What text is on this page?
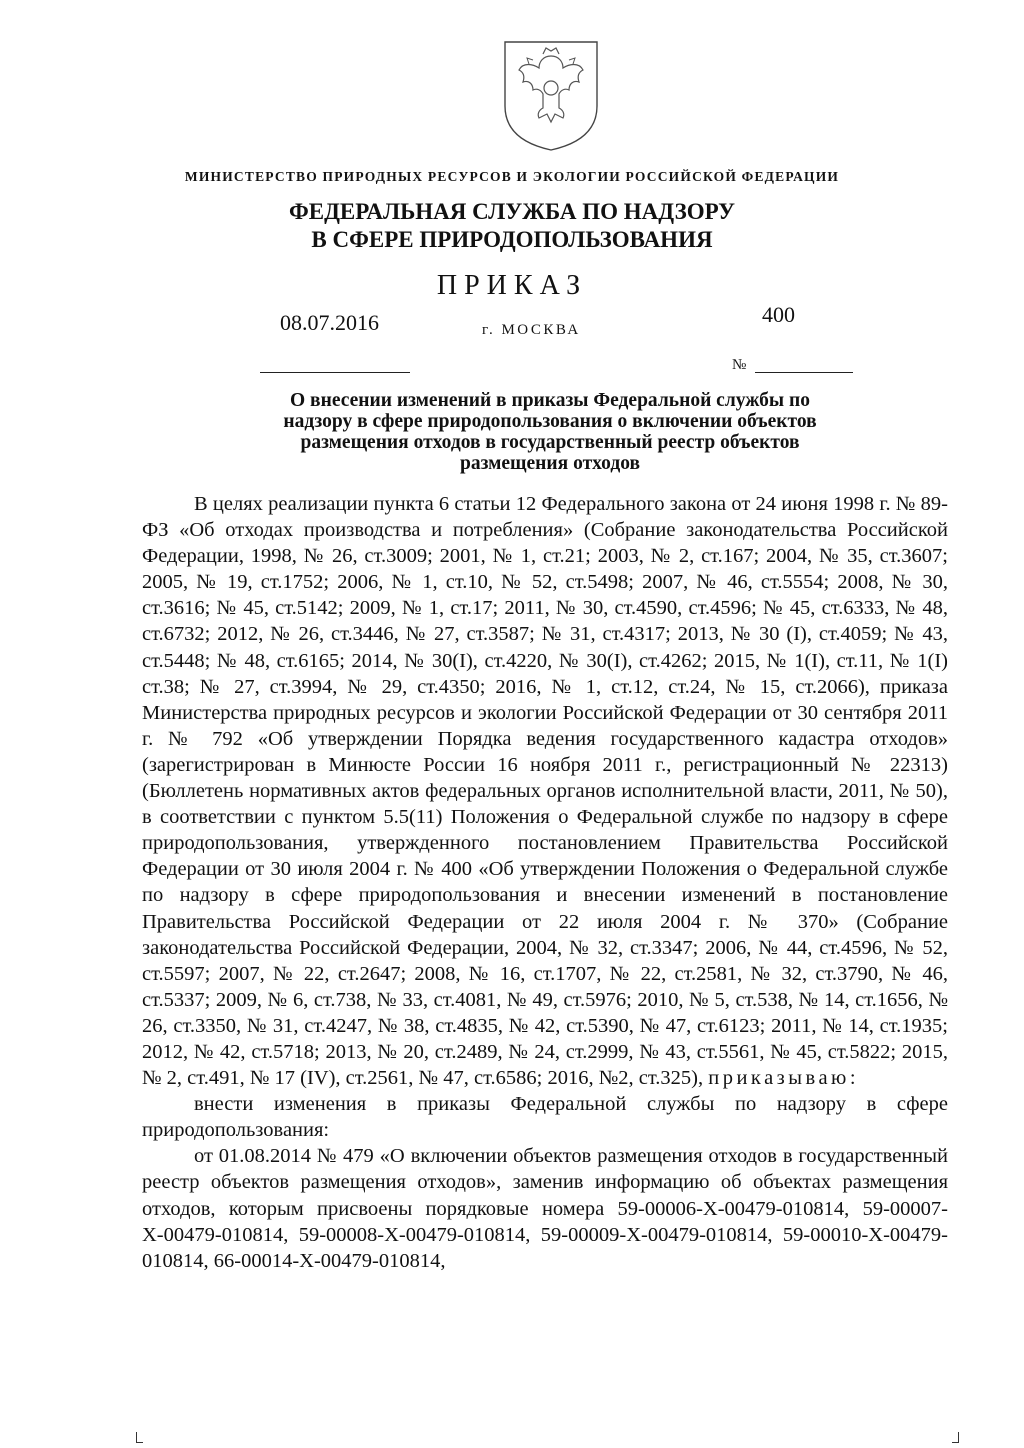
МИНИСТЕРСТВО ПРИРОДНЫХ РЕСУРСОВ И ЭКОЛОГИИ РОССИЙСКОЙ ФЕДЕРАЦИИ
ФЕДЕРАЛЬНАЯ СЛУЖБА ПО НАДЗОРУ
В СФЕРЕ ПРИРОДОПОЛЬЗОВАНИЯ
ПРИКАЗ
08.07.2016	г. МОСКВА
400
№
О внесении изменений в приказы Федеральной службы по
надзору в сфере природопользования о включении объектов
размещения отходов в государственный реестр объектов
размещения отходов

В целях реализации пункта 6 статьи 12 Федерального закона от 24 июня 1998 г. № 89-ФЗ «Об отходах производства и потребления» (Собрание законодательства Российской Федерации, 1998, № 26, ст.3009; 2001, № 1, ст.21; 2003, № 2, ст.167; 2004, № 35, ст.3607; 2005, № 19, ст.1752; 2006, № 1, ст.10, № 52, ст.5498; 2007, № 46, ст.5554; 2008, № 30, ст.3616; № 45, ст.5142; 2009, № 1, ст.17; 2011, № 30, ст.4590, ст.4596; № 45, ст.6333, № 48, ст.6732; 2012, № 26, ст.3446, № 27, ст.3587; № 31, ст.4317; 2013, № 30 (I), ст.4059; № 43, ст.5448; № 48, ст.6165; 2014, № 30(I), ст.4220, № 30(I), ст.4262; 2015, № 1(I), ст.11, № 1(I) ст.38; № 27, ст.3994, № 29, ст.4350; 2016, № 1, ст.12, ст.24, № 15, ст.2066), приказа Министерства природных ресурсов и экологии Российской Федерации от 30 сентября 2011 г. № 792 «Об утверждении Порядка ведения государственного кадастра отходов» (зарегистрирован в Минюсте России 16 ноября 2011 г., регистрационный № 22313) (Бюллетень нормативных актов федеральных органов исполнительной власти, 2011, № 50), в соответствии с пунктом 5.5(11) Положения о Федеральной службе по надзору в сфере природопользования, утвержденного постановлением Правительства Российской Федерации от 30 июля 2004 г. № 400 «Об утверждении Положения о Федеральной службе по надзору в сфере природопользования и внесении изменений в постановление Правительства Российской Федерации от 22 июля 2004 г. № 370» (Собрание законодательства Российской Федерации, 2004, № 32, ст.3347; 2006, № 44, ст.4596, № 52, ст.5597; 2007, № 22, ст.2647; 2008, № 16, ст.1707, № 22, ст.2581, № 32, ст.3790, № 46, ст.5337; 2009, № 6, ст.738, № 33, ст.4081, № 49, ст.5976; 2010, № 5, ст.538, № 14, ст.1656, № 26, ст.3350, № 31, ст.4247, № 38, ст.4835, № 42, ст.5390, № 47, ст.6123; 2011, № 14, ст.1935; 2012, № 42, ст.5718; 2013, № 20, ст.2489, № 24, ст.2999, № 43, ст.5561, № 45, ст.5822; 2015, № 2, ст.491, № 17 (IV), ст.2561, № 47, ст.6586; 2016, №2, ст.325), приказываю:

внести изменения в приказы Федеральной службы по надзору в сфере природопользования:

от 01.08.2014 № 479 «О включении объектов размещения отходов в государственный реестр объектов размещения отходов», заменив информацию об объектах размещения отходов, которым присвоены порядковые номера 59-00006-Х-00479-010814, 59-00007-Х-00479-010814, 59-00008-Х-00479-010814, 59-00009-Х-00479-010814, 59-00010-Х-00479-010814, 66-00014-Х-00479-010814,
